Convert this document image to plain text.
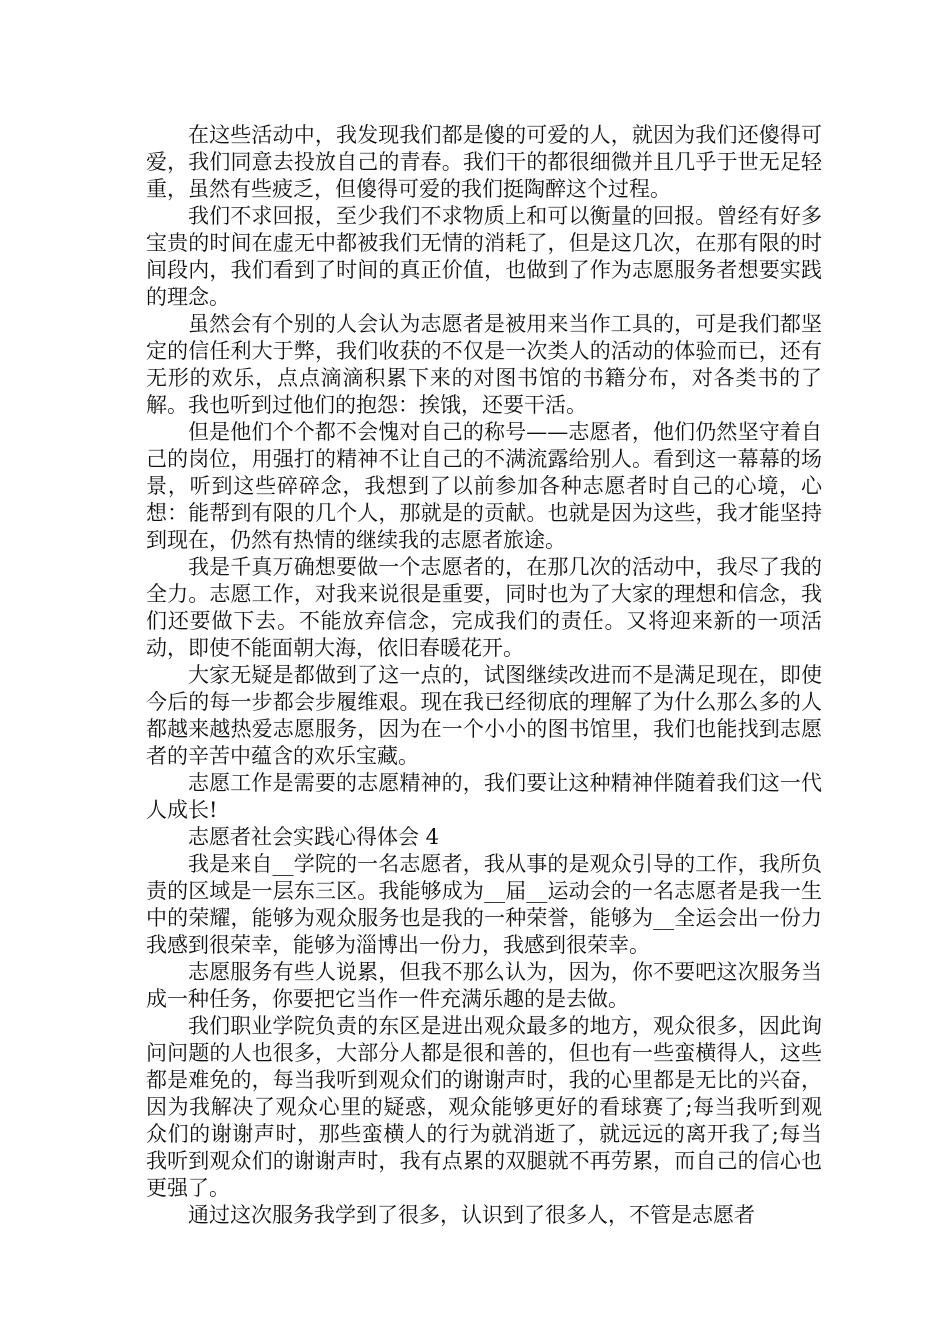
在这些活动中，我发现我们都是傻的可爱的人，就因为我们还傻得可爱，我们同意去投放自己的青春。我们干的都很细微并且几乎于世无足轻重，虽然有些疲乏，但傻得可爱的我们挺陶醉这个过程。

我们不求回报，至少我们不求物质上和可以衡量的回报。曾经有好多宝贵的时间在虚无中都被我们无情的消耗了，但是这几次，在那有限的时间段内，我们看到了时间的真正价值，也做到了作为志愿服务者想要实践的理念。

虽然会有个别的人会认为志愿者是被用来当作工具的，可是我们都坚定的信任利大于弊，我们收获的不仅是一次类人的活动的体验而已，还有无形的欢乐，点点滴滴积累下来的对图书馆的书籍分布，对各类书的了解。我也听到过他们的抱怨：挨饿，还要干活。

但是他们个个都不会愧对自己的称号——志愿者，他们仍然坚守着自己的岗位，用强打的精神不让自己的不满流露给别人。看到这一幕幕的场景，听到这些碎碎念，我想到了以前参加各种志愿者时自己的心境，心想：能帮到有限的几个人，那就是的贡献。也就是因为这些，我才能坚持到现在，仍然有热情的继续我的志愿者旅途。

我是千真万确想要做一个志愿者的，在那几次的活动中，我尽了我的全力。志愿工作，对我来说很是重要，同时也为了大家的理想和信念，我们还要做下去。不能放弃信念，完成我们的责任。又将迎来新的一项活动，即使不能面朝大海，依旧春暖花开。

大家无疑是都做到了这一点的，试图继续改进而不是满足现在，即使今后的每一步都会步履维艰。现在我已经彻底的理解了为什么那么多的人都越来越热爱志愿服务，因为在一个小小的图书馆里，我们也能找到志愿者的辛苦中蕴含的欢乐宝藏。

志愿工作是需要的志愿精神的，我们要让这种精神伴随着我们这一代人成长!

志愿者社会实践心得体会 4

我是来自__学院的一名志愿者，我从事的是观众引导的工作，我所负责的区域是一层东三区。我能够成为__届__运动会的一名志愿者是我一生中的荣耀，能够为观众服务也是我的一种荣誉，能够为__全运会出一份力我感到很荣幸，能够为淄博出一份力，我感到很荣幸。

志愿服务有些人说累，但我不那么认为，因为，你不要吧这次服务当成一种任务，你要把它当作一件充满乐趣的是去做。

我们职业学院负责的东区是进出观众最多的地方，观众很多，因此询问问题的人也很多，大部分人都是很和善的，但也有一些蛮横得人，这些都是难免的，每当我听到观众们的谢谢声时，我的心里都是无比的兴奋，因为我解决了观众心里的疑惑，观众能够更好的看球赛了;每当我听到观众们的谢谢声时，那些蛮横人的行为就消逝了，就远远的离开我了;每当我听到观众们的谢谢声时，我有点累的双腿就不再劳累，而自己的信心也更强了。

通过这次服务我学到了很多，认识到了很多人，不管是志愿者
